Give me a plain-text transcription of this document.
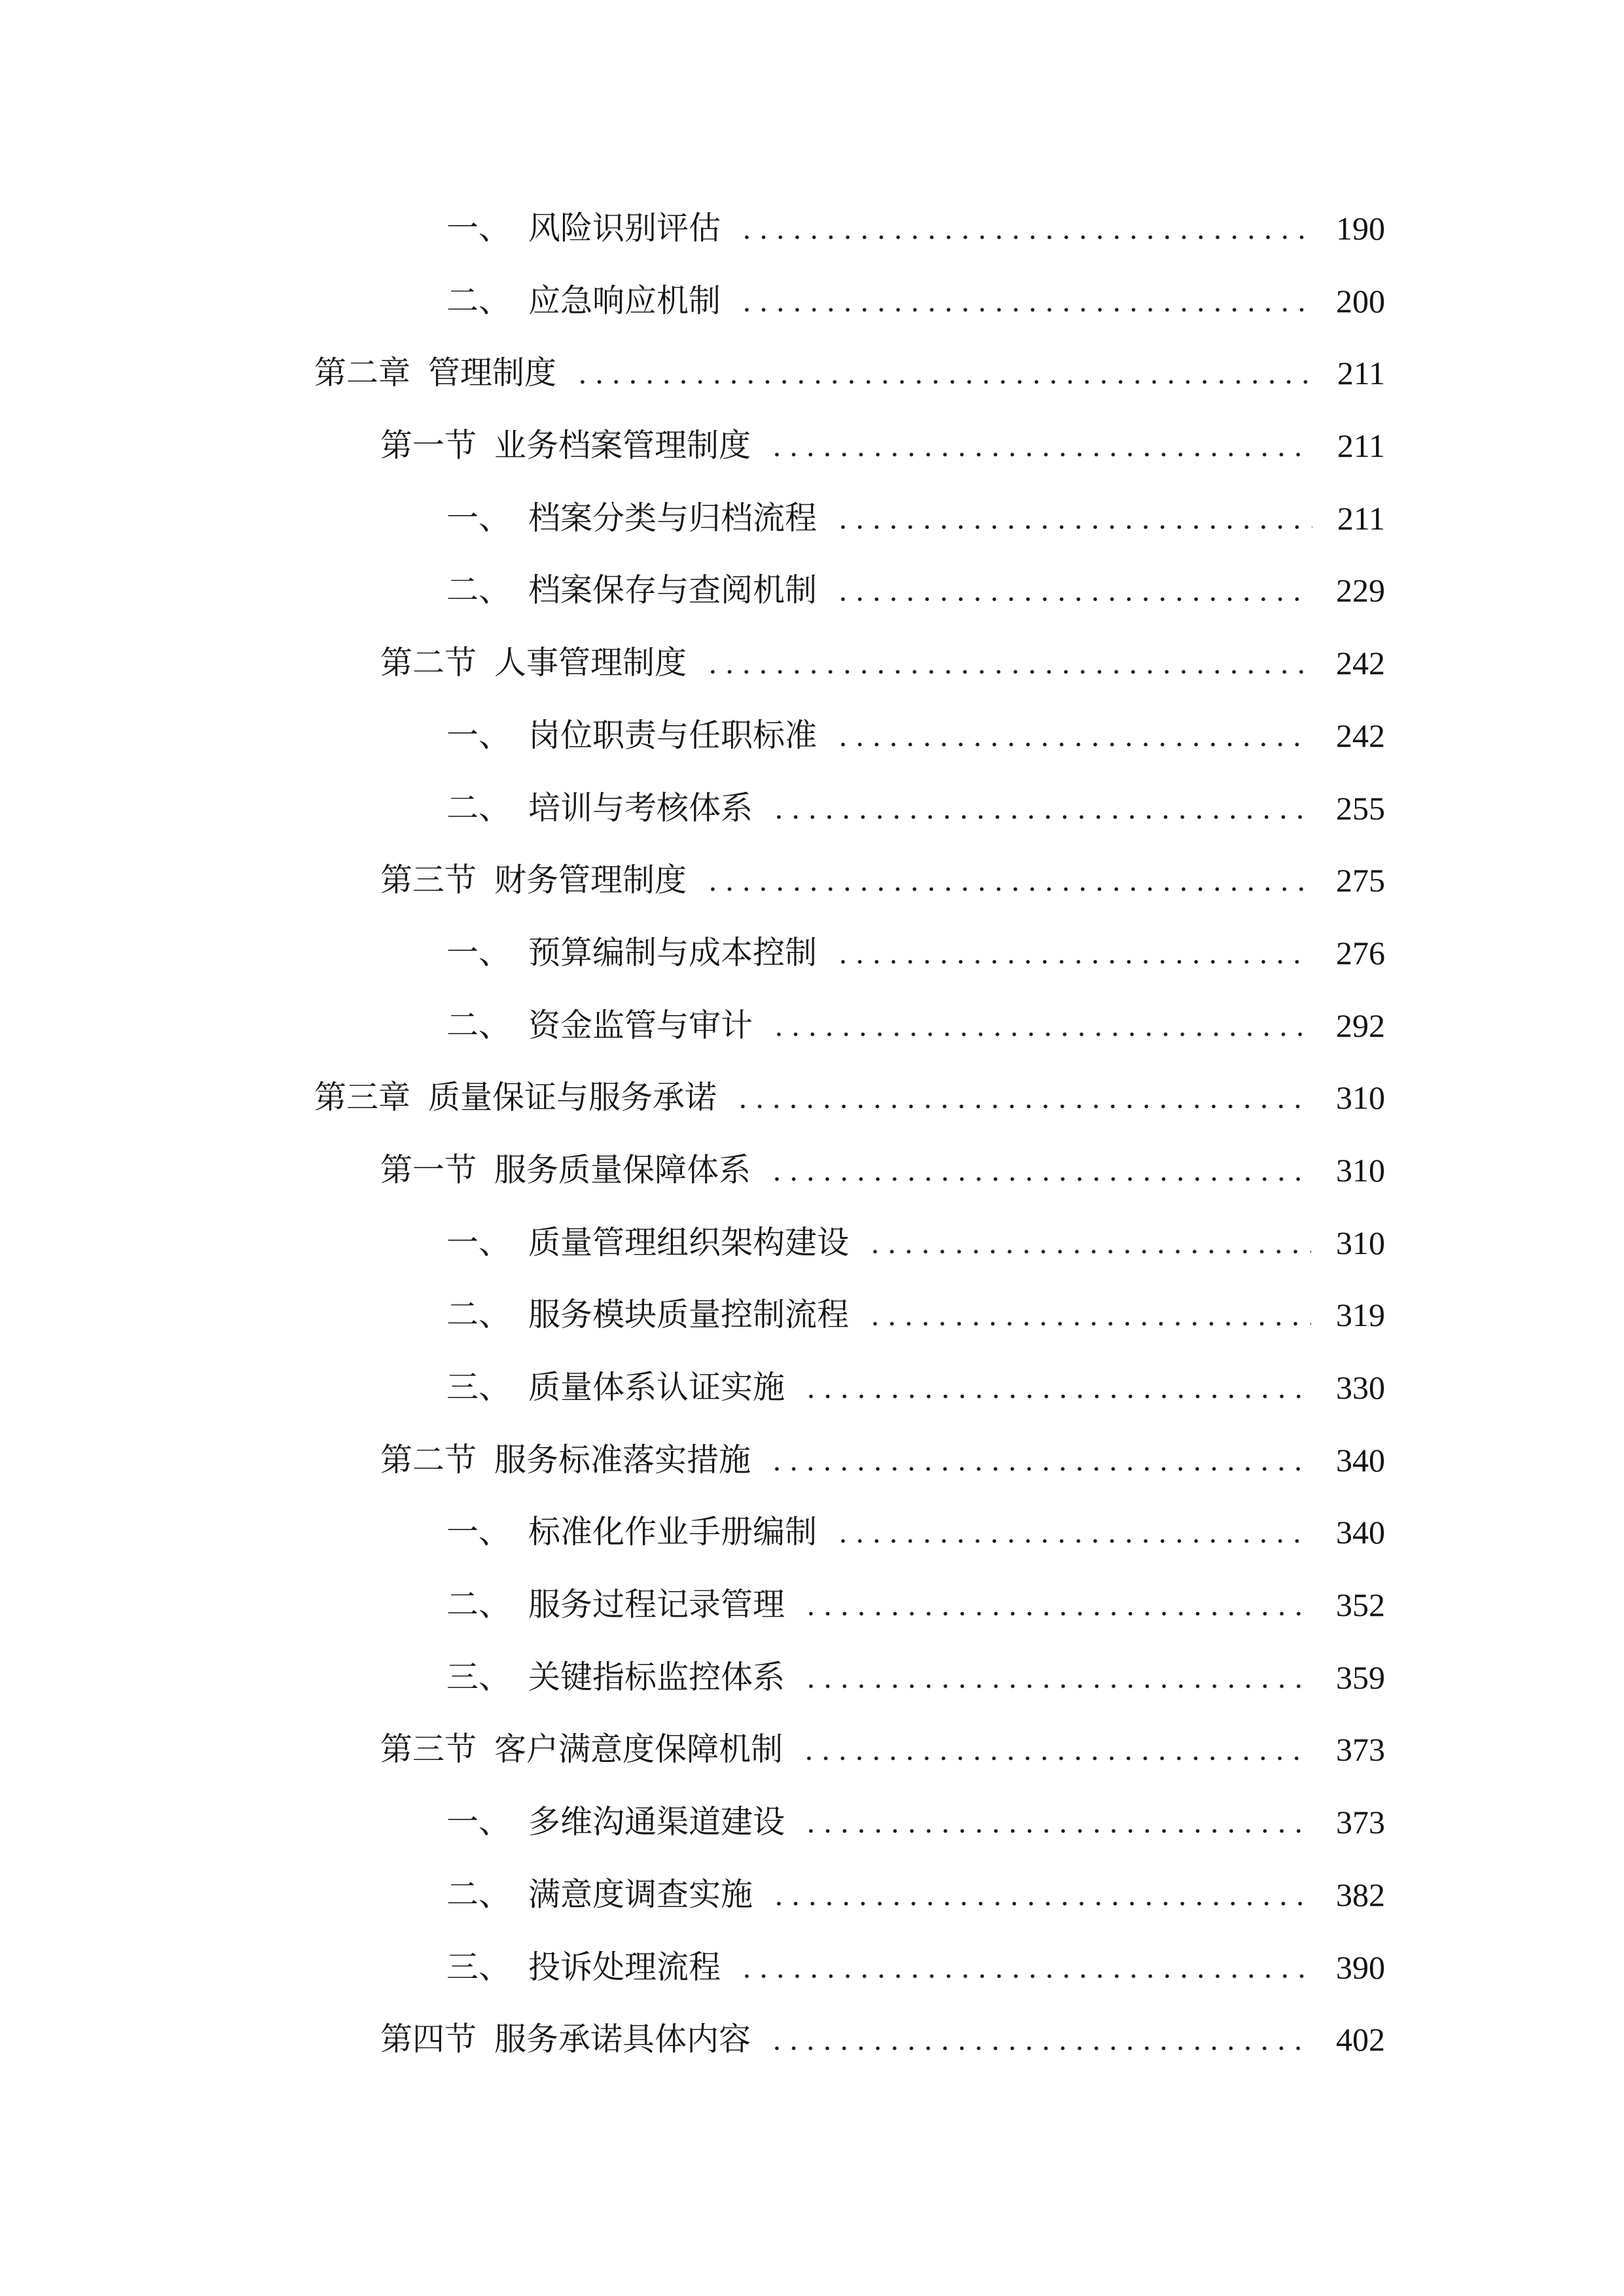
一、 风险识别评估	190
二、 应急响应机制	200
第二章 管理制度	211
第一节 业务档案管理制度	211
一、 档案分类与归档流程	211
二、 档案保存与查阅机制	229
第二节 人事管理制度	242
一、 岗位职责与任职标准	242
二、 培训与考核体系	255
第三节 财务管理制度	275
一、 预算编制与成本控制	276
二、 资金监管与审计	292
第三章 质量保证与服务承诺	310
第一节 服务质量保障体系	310
一、 质量管理组织架构建设	310
二、 服务模块质量控制流程	319
三、 质量体系认证实施	330
第二节 服务标准落实措施	340
一、 标准化作业手册编制	340
二、 服务过程记录管理	352
三、 关键指标监控体系	359
第三节 客户满意度保障机制	373
一、 多维沟通渠道建设	373
二、 满意度调查实施	382
三、 投诉处理流程	390
第四节 服务承诺具体内容	402
